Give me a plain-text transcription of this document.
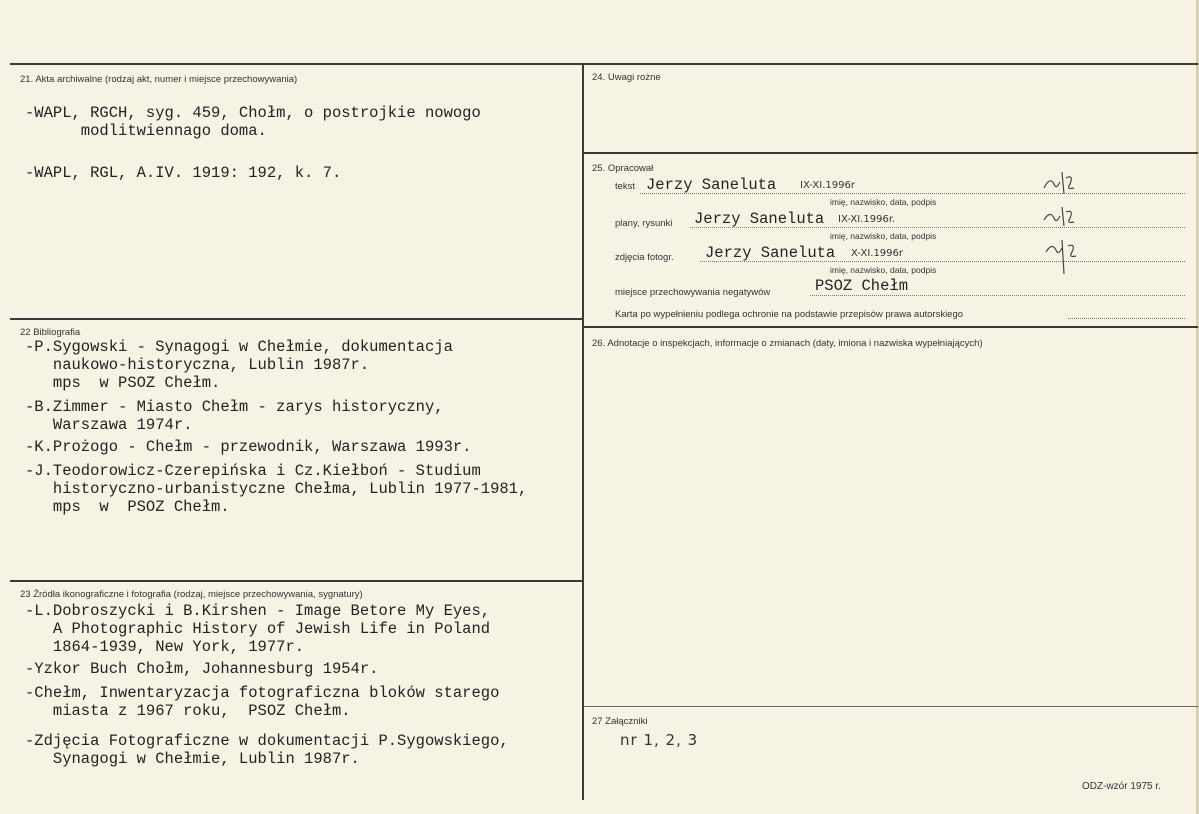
21. Akta archiwalne (rodzaj akt, numer i miejsce przechowywania)
-WAPL, RGCH, syg. 459, Chołm, o postrojkie nowogo
modlitwiennago doma.
-WAPL, RGL, A.IV. 1919: 192, k. 7.
22 Bibliografia
-P.Sygowski - Synagogi w Chełmie, dokumentacja
naukowo-historyczna, Lublin 1987r.
mps  w PSOZ Chełm.
-B.Zimmer - Miasto Chełm - zarys historyczny,
Warszawa 1974r.
-K.Prożogo - Chełm - przewodnik, Warszawa 1993r.
-J.Teodorowicz-Czerepińska i Cz.Kiełboń - Studium
historyczno-urbanistyczne Chełma, Lublin 1977-1981,
mps  w  PSOZ Chełm.
23 Źródła ikonograficzne i fotografia (rodzaj, miejsce przechowywania, sygnatury)
-L.Dobroszycki i B.Kirshen - Image Betore My Eyes,
A Photographic History of Jewish Life in Poland
1864-1939, New York, 1977r.
-Yzkor Buch Chołm, Johannesburg 1954r.
-Chełm, Inwentaryzacja fotograficzna bloków starego
miasta z 1967 roku,  PSOZ Chełm.
-Zdjęcia Fotograficzne w dokumentacji P.Sygowskiego,
Synagogi w Chełmie, Lublin 1987r.
24. Uwagi rożne
25. Opracował
tekst Jerzy Saneluta IX-XI.1996r
imię, nazwisko, data, podpis
plany, rysunki Jerzy Saneluta IX-XI.1996r.
imię, nazwisko, data, podpis
zdjęcia fotogr. Jerzy Saneluta X-XI.1996r
imię, nazwisko, data, podpis
miejsce przechowywania negatywów	PSOZ Chełm
Karta po wypełnieniu podlega ochronie na podstawie przepisów prawa autorskiego
26. Adnotacje o inspekcjach, informacje o zmianach (daty, imiona i nazwiska wypełniających)
27 Załączniki
nr 1, 2, 3
ODZ-wzór 1975 r.
